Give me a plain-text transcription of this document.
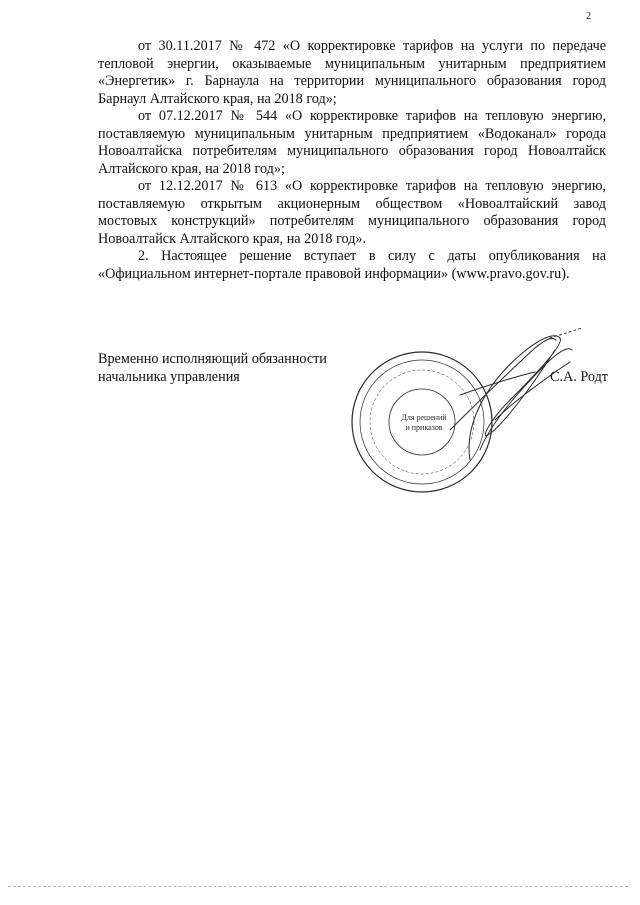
2

от 30.11.2017 № 472 «О корректировке тарифов на услуги по передаче тепловой энергии, оказываемые муниципальным унитарным предприятием «Энергетик» г. Барнаула на территории муниципального образования город Барнаул Алтайского края, на 2018 год»;

от 07.12.2017 № 544 «О корректировке тарифов на тепловую энергию, поставляемую муниципальным унитарным предприятием «Водоканал» города Новоалтайска потребителям муниципального образования город Новоалтайск Алтайского края, на 2018 год»;

от 12.12.2017 № 613 «О корректировке тарифов на тепловую энергию, поставляемую открытым акционерным обществом «Новоалтайский завод мостовых конструкций» потребителям муниципального образования город Новоалтайск Алтайского края, на 2018 год».

2. Настоящее решение вступает в силу с даты опубликования на «Официальном интернет-портале правовой информации» (www.pravo.gov.ru).

Временно исполняющий обязанности начальника управления	С.А. Родт

Для решений и приказов
